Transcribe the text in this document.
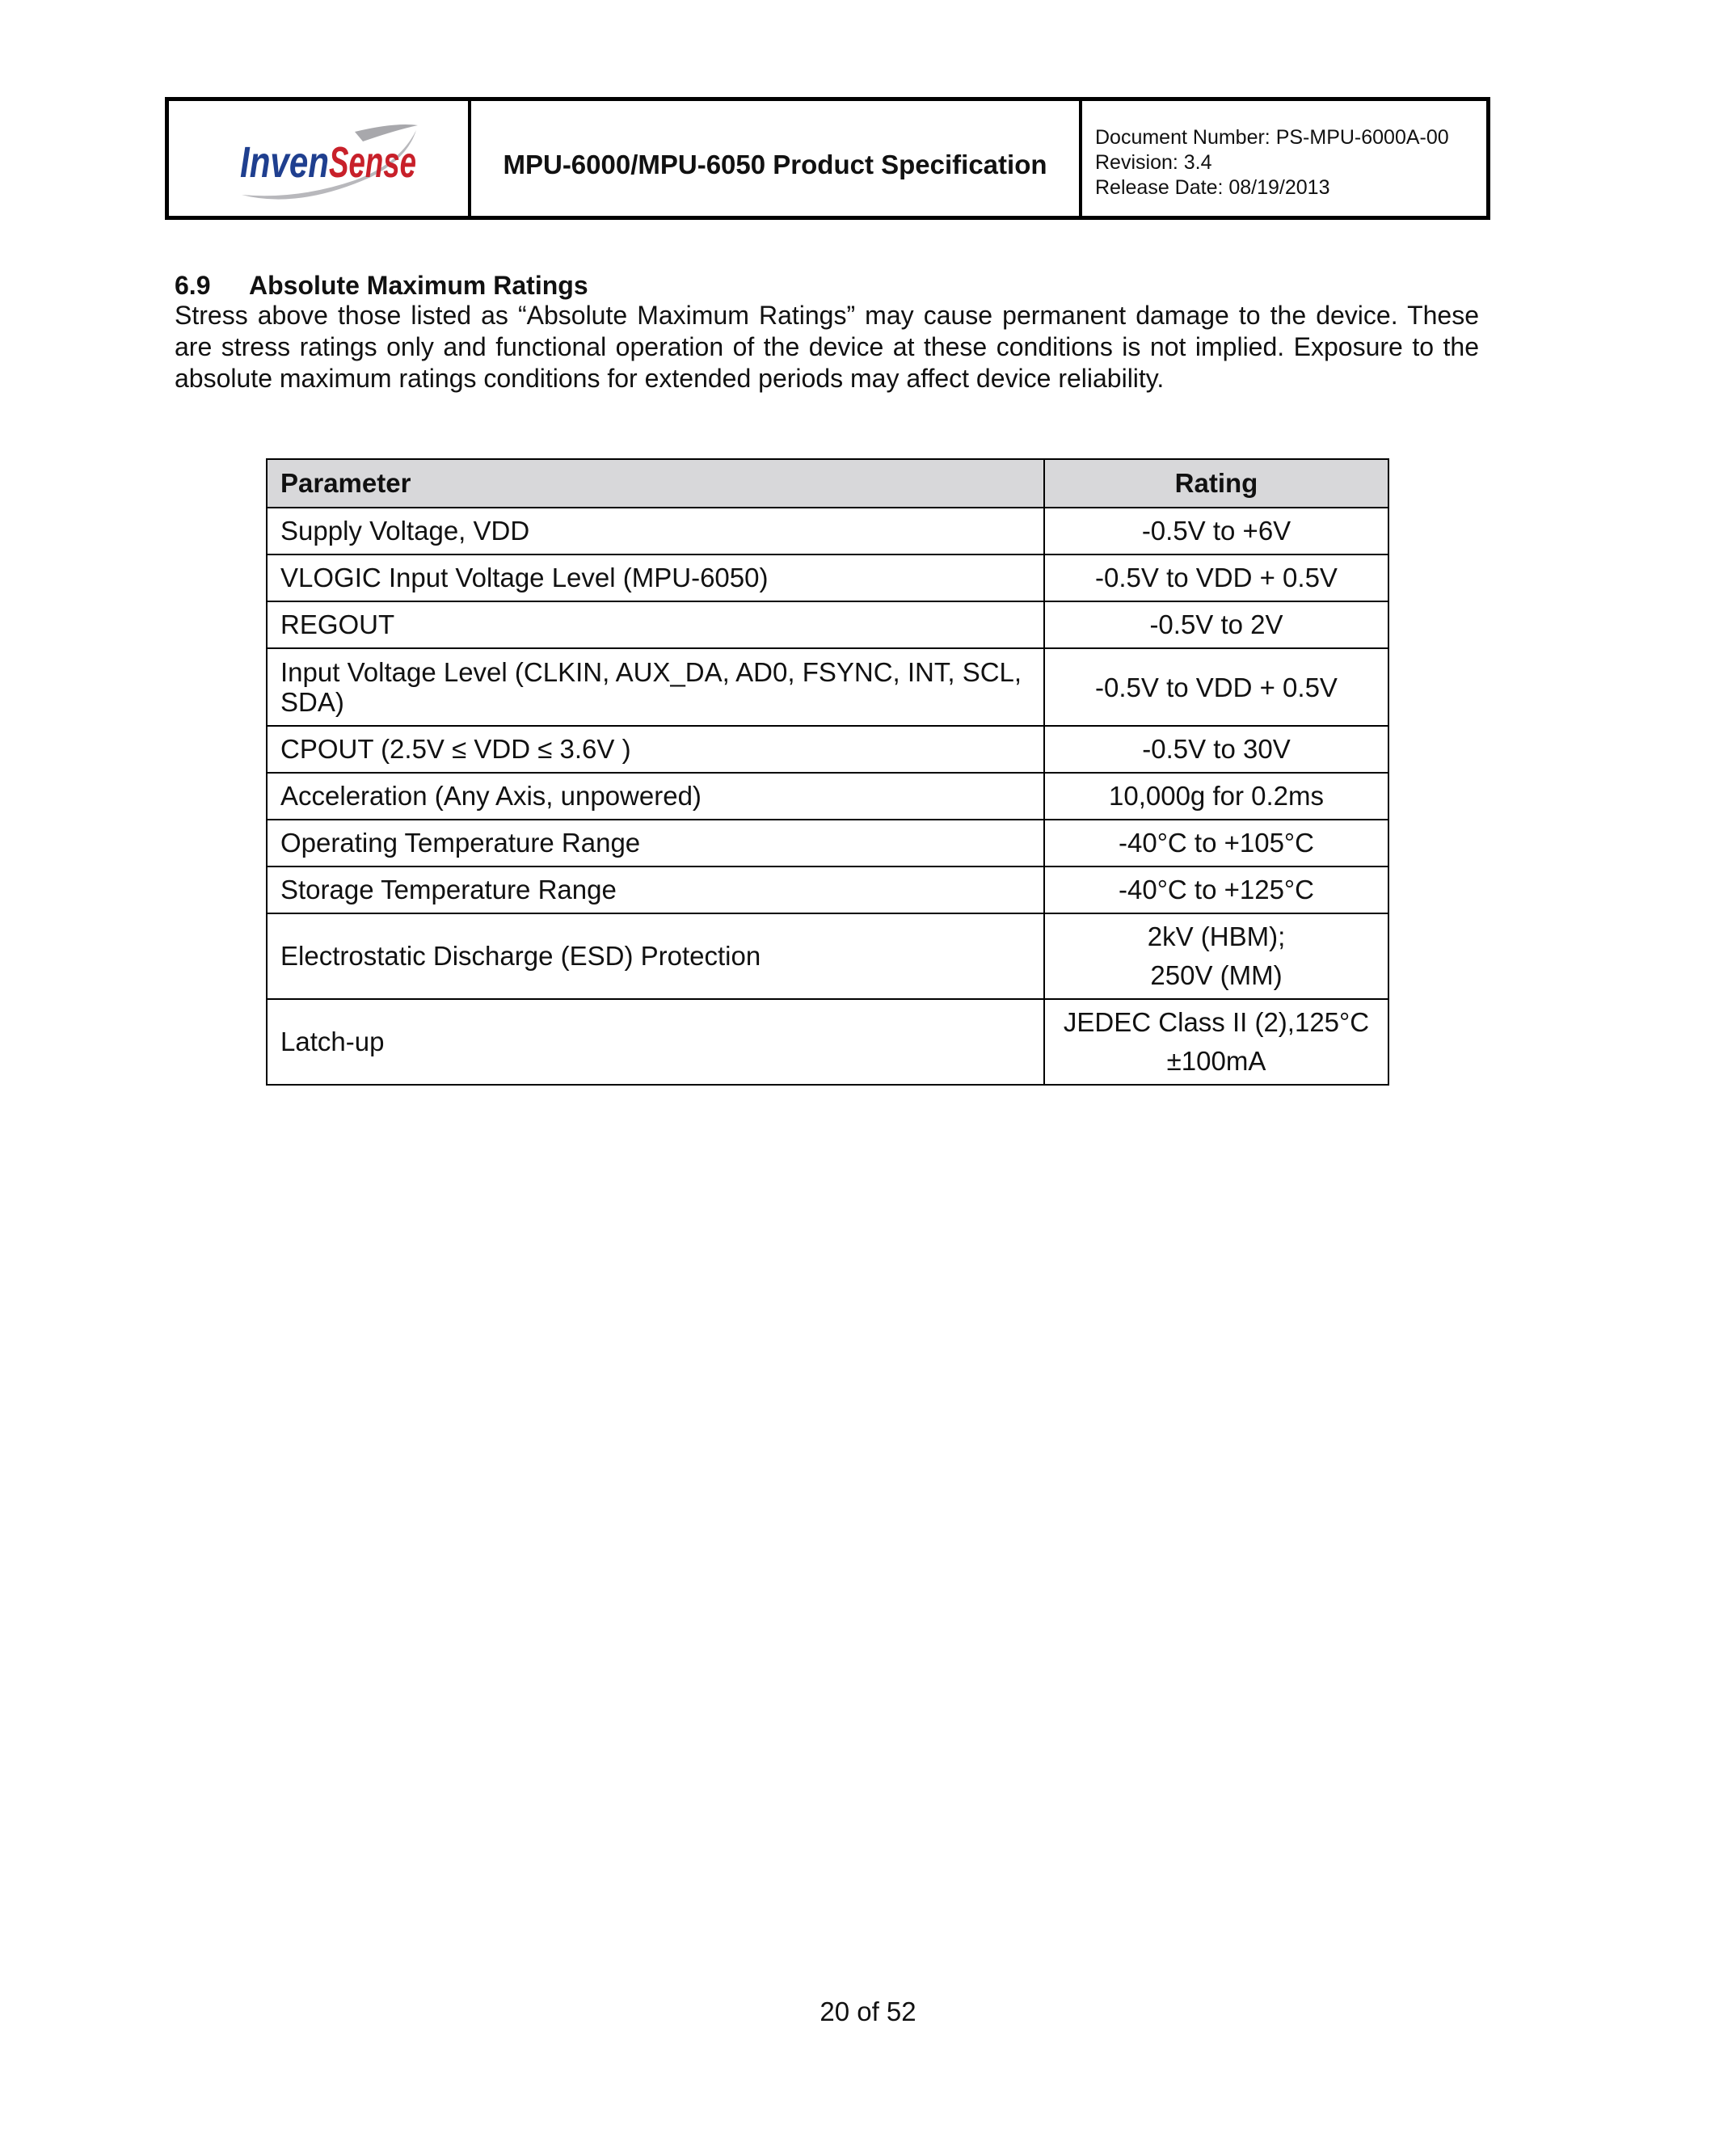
Inven Sense	MPU-6000/MPU-6050 Product Specification
Document Number: PS-MPU-6000A-00
Revision: 3.4
Release Date: 08/19/2013
6.9 Absolute Maximum Ratings
Stress above those listed as “Absolute Maximum Ratings” may cause permanent damage to the device. These are stress ratings only and functional operation of the device at these conditions is not implied. Exposure to the absolute maximum ratings conditions for extended periods may affect device reliability.
Parameter	Rating
Supply Voltage, VDD	-0.5V to +6V
VLOGIC Input Voltage Level (MPU-6050)	-0.5V to VDD + 0.5V
REGOUT	-0.5V to 2V
Input Voltage Level (CLKIN, AUX_DA, AD0, FSYNC, INT, SCL, SDA)	-0.5V to VDD + 0.5V
CPOUT (2.5V ≤ VDD ≤ 3.6V )	-0.5V to 30V
Acceleration (Any Axis, unpowered)	10,000g for 0.2ms
Operating Temperature Range	-40°C to +105°C
Storage Temperature Range	-40°C to +125°C
Electrostatic Discharge (ESD) Protection	2kV (HBM);
250V (MM)

Latch-up	JEDEC Class II (2),125°C
±100mA
20 of 52
